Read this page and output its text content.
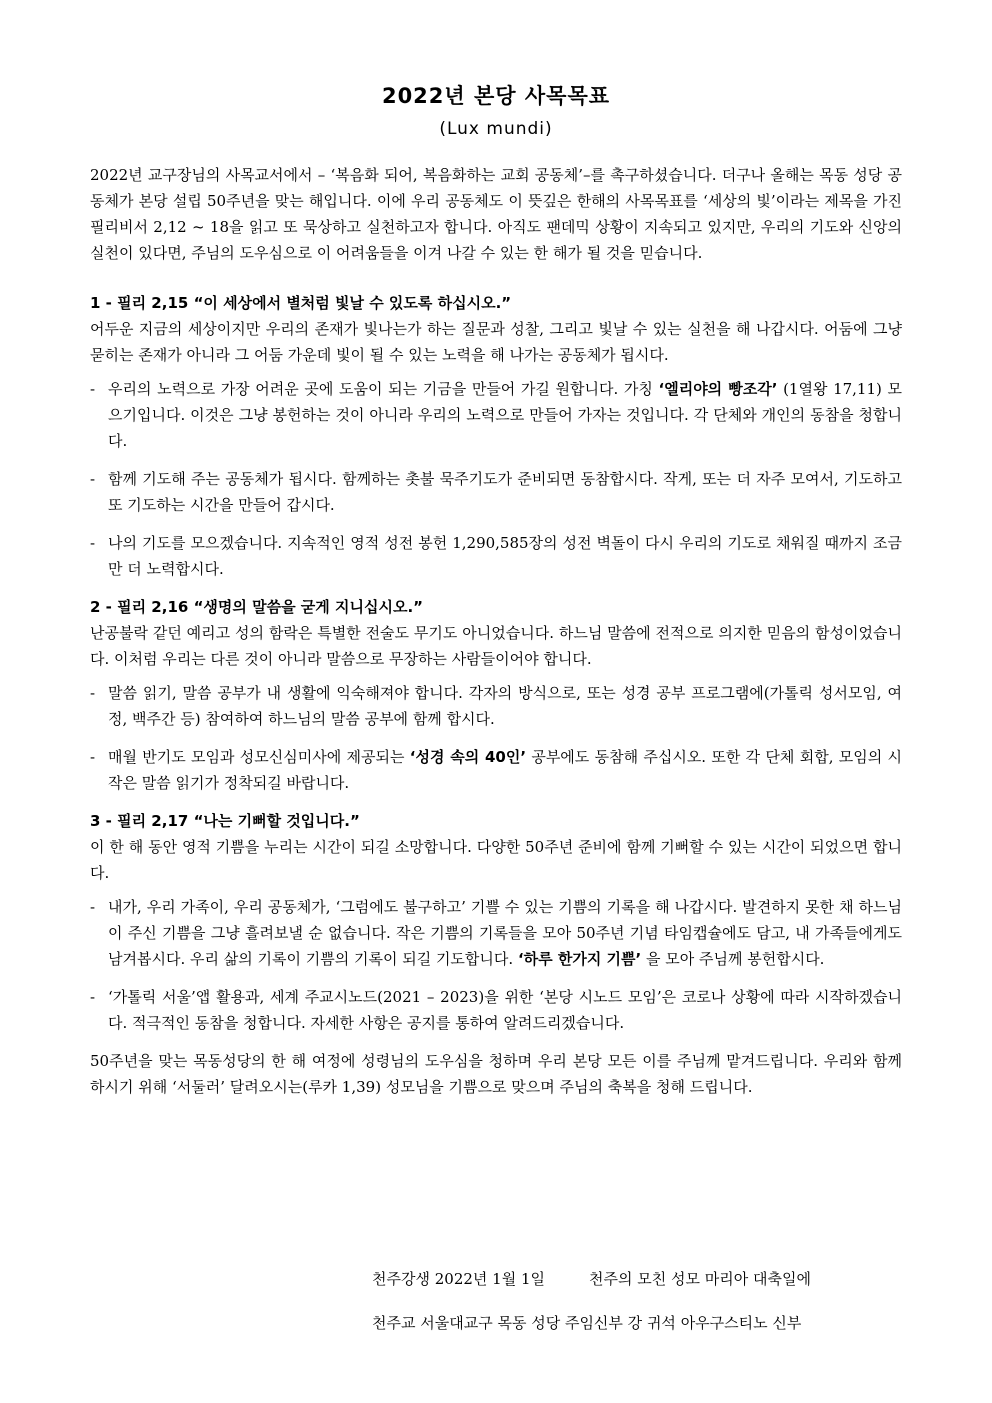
2022년 본당 사목목표
(Lux mundi)

2022년 교구장님의 사목교서에서 – ‘복음화 되어, 복음화하는 교회 공동체’–를 촉구하셨습니다. 더구나 올해는 목동 성당 공동체가 본당 설립 50주년을 맞는 해입니다. 이에 우리 공동체도 이 뜻깊은 한해의 사목목표를 ‘세상의 빛’이라는 제목을 가진 필리비서 2,12 ~ 18을 읽고 또 묵상하고 실천하고자 합니다. 아직도 팬데믹 상황이 지속되고 있지만, 우리의 기도와 신앙의 실천이 있다면, 주님의 도우심으로 이 어려움들을 이겨 나갈 수 있는 한 해가 될 것을 믿습니다.

1 - 필리 2,15 “이 세상에서 별처럼 빛날 수 있도록 하십시오.”

어두운 지금의 세상이지만 우리의 존재가 빛나는가 하는 질문과 성찰, 그리고 빛날 수 있는 실천을 해 나갑시다. 어둠에 그냥 묻히는 존재가 아니라 그 어둠 가운데 빛이 될 수 있는 노력을 해 나가는 공동체가 됩시다.

- 우리의 노력으로 가장 어려운 곳에 도움이 되는 기금을 만들어 가길 원합니다. 가칭 ‘엘리야의 빵조각’ (1열왕 17,11) 모으기입니다. 이것은 그냥 봉헌하는 것이 아니라 우리의 노력으로 만들어 가자는 것입니다. 각 단체와 개인의 동참을 청합니다.
- 함께 기도해 주는 공동체가 됩시다. 함께하는 촛불 묵주기도가 준비되면 동참합시다. 작게, 또는 더 자주 모여서, 기도하고 또 기도하는 시간을 만들어 갑시다.
- 나의 기도를 모으겠습니다. 지속적인 영적 성전 봉헌 1,290,585장의 성전 벽돌이 다시 우리의 기도로 채워질 때까지 조금만 더 노력합시다.
2 - 필리 2,16 “생명의 말씀을 굳게 지니십시오.”

난공불락 같던 예리고 성의 함락은 특별한 전술도 무기도 아니었습니다. 하느님 말씀에 전적으로 의지한 믿음의 함성이었습니다. 이처럼 우리는 다른 것이 아니라 말씀으로 무장하는 사람들이어야 합니다.

- 말씀 읽기, 말씀 공부가 내 생활에 익숙해져야 합니다. 각자의 방식으로, 또는 성경 공부 프로그램에(가톨릭 성서모임, 여정, 백주간 등) 참여하여 하느님의 말씀 공부에 함께 합시다.
- 매월 반기도 모임과 성모신심미사에 제공되는 ‘성경 속의 40인’ 공부에도 동참해 주십시오. 또한 각 단체 회합, 모임의 시작은 말씀 읽기가 정착되길 바랍니다.
3 - 필리 2,17 “나는 기뻐할 것입니다.”

이 한 해 동안 영적 기쁨을 누리는 시간이 되길 소망합니다. 다양한 50주년 준비에 함께 기뻐할 수 있는 시간이 되었으면 합니다.

- 내가, 우리 가족이, 우리 공동체가, ‘그럼에도 불구하고’ 기쁠 수 있는 기쁨의 기록을 해 나갑시다. 발견하지 못한 채 하느님이 주신 기쁨을 그냥 흘려보낼 순 없습니다. 작은 기쁨의 기록들을 모아 50주년 기념 타임캡슐에도 담고, 내 가족들에게도 남겨봅시다. 우리 삶의 기록이 기쁨의 기록이 되길 기도합니다. ‘하루 한가지 기쁨’ 을 모아 주님께 봉헌합시다.
- ‘가톨릭 서울’앱 활용과, 세계 주교시노드(2021 – 2023)을 위한 ‘본당 시노드 모임’은 코로나 상황에 따라 시작하겠습니다. 적극적인 동참을 청합니다. 자세한 사항은 공지를 통하여 알려드리겠습니다.

50주년을 맞는 목동성당의 한 해 여정에 성령님의 도우심을 청하며 우리 본당 모든 이를 주님께 맡겨드립니다. 우리와 함께 하시기 위해 ‘서둘러’ 달려오시는(루카 1,39) 성모님을 기쁨으로 맞으며 주님의 축복을 청해 드립니다.

천주강생 2022년 1월 1일	천주의 모친 성모 마리아 대축일에
천주교 서울대교구 목동 성당 주임신부 강 귀석 아우구스티노 신부
